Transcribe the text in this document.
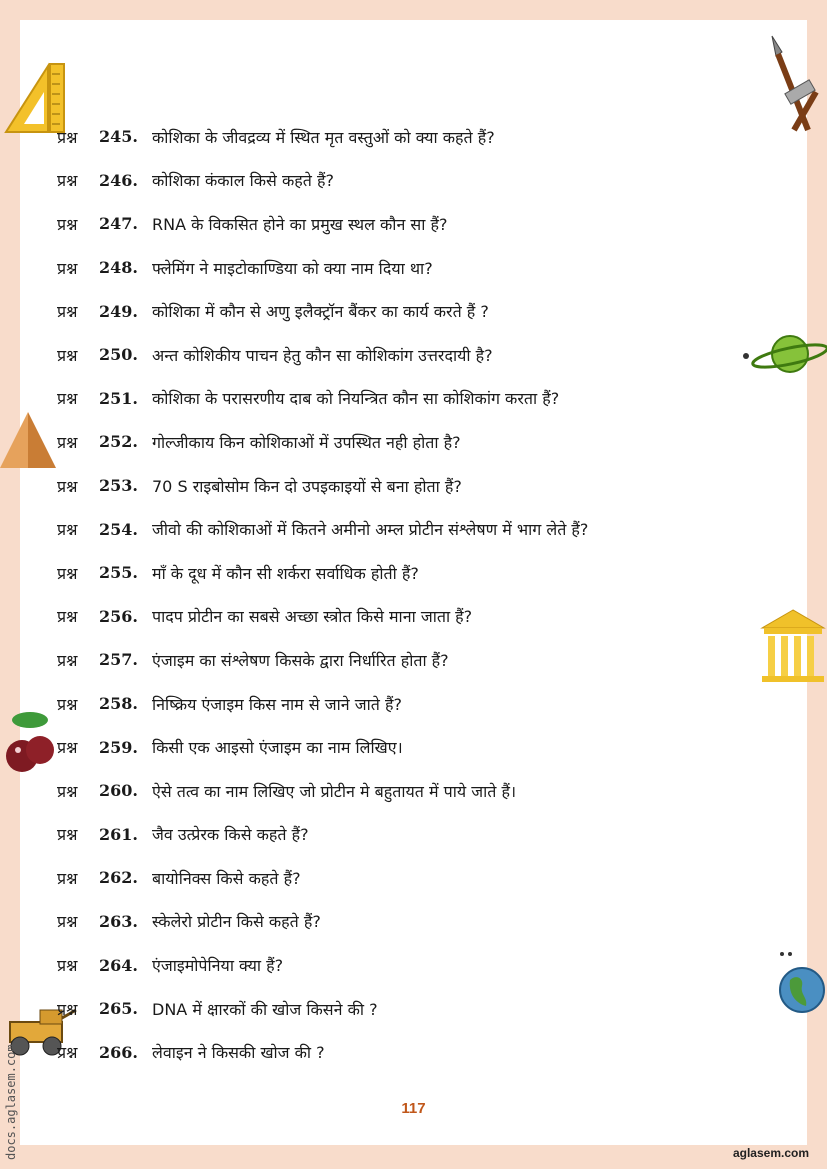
प्रश्न	245. कोशिका के जीवद्रव्य में स्थित मृत वस्तुओं को क्या कहते हैं?
प्रश्न	246. कोशिका कंकाल किसे कहते हैं?
प्रश्न	247. RNA के विकसित होने का प्रमुख स्थल कौन सा हैं?
प्रश्न	248. फ्लेमिंग ने माइटोकाण्डिया को क्या नाम दिया था?
प्रश्न	249. कोशिका में कौन से अणु इलैक्ट्रॉन बैंकर का कार्य करते हैं ?
प्रश्न	250. अन्त कोशिकीय पाचन हेतु कौन सा कोशिकांग उत्तरदायी है?
प्रश्न	251. कोशिका के परासरणीय दाब को नियन्त्रित कौन सा कोशिकांग करता हैं?
प्रश्न	252. गोल्जीकाय किन कोशिकाओं में उपस्थित नही होता है?
प्रश्न	253. 70 S राइबोसोम किन दो उपइकाइयों से बना होता हैं?
प्रश्न	254. जीवो की कोशिकाओं में कितने अमीनो अम्ल प्रोटीन संश्लेषण में भाग लेते हैं?
प्रश्न	255. माँ के दूध में कौन सी शर्करा सर्वाधिक होती हैं?
प्रश्न	256. पादप प्रोटीन का सबसे अच्छा स्त्रोत किसे माना जाता हैं?
प्रश्न	257. एंजाइम का संश्लेषण किसके द्वारा निर्धारित होता हैं?
प्रश्न	258. निष्क्रिय एंजाइम किस नाम से जाने जाते हैं?
प्रश्न	259. किसी एक आइसो एंजाइम का नाम लिखिए।
प्रश्न	260. ऐसे तत्व का नाम लिखिए जो प्रोटीन मे बहुतायत में पाये जाते हैं।
प्रश्न	261. जैव उत्प्रेरक किसे कहते हैं?
प्रश्न	262. बायोनिक्स किसे कहते हैं?
प्रश्न	263. स्केलेरो प्रोटीन किसे कहते हैं?
प्रश्न	264. एंजाइमोपेनिया क्या हैं?
प्रश्न	265. DNA में क्षारकों की खोज किसने की ?
प्रश्न	266. लेवाइन ने किसकी खोज की ?
117
aglasem.com
docs.aglasem.com
